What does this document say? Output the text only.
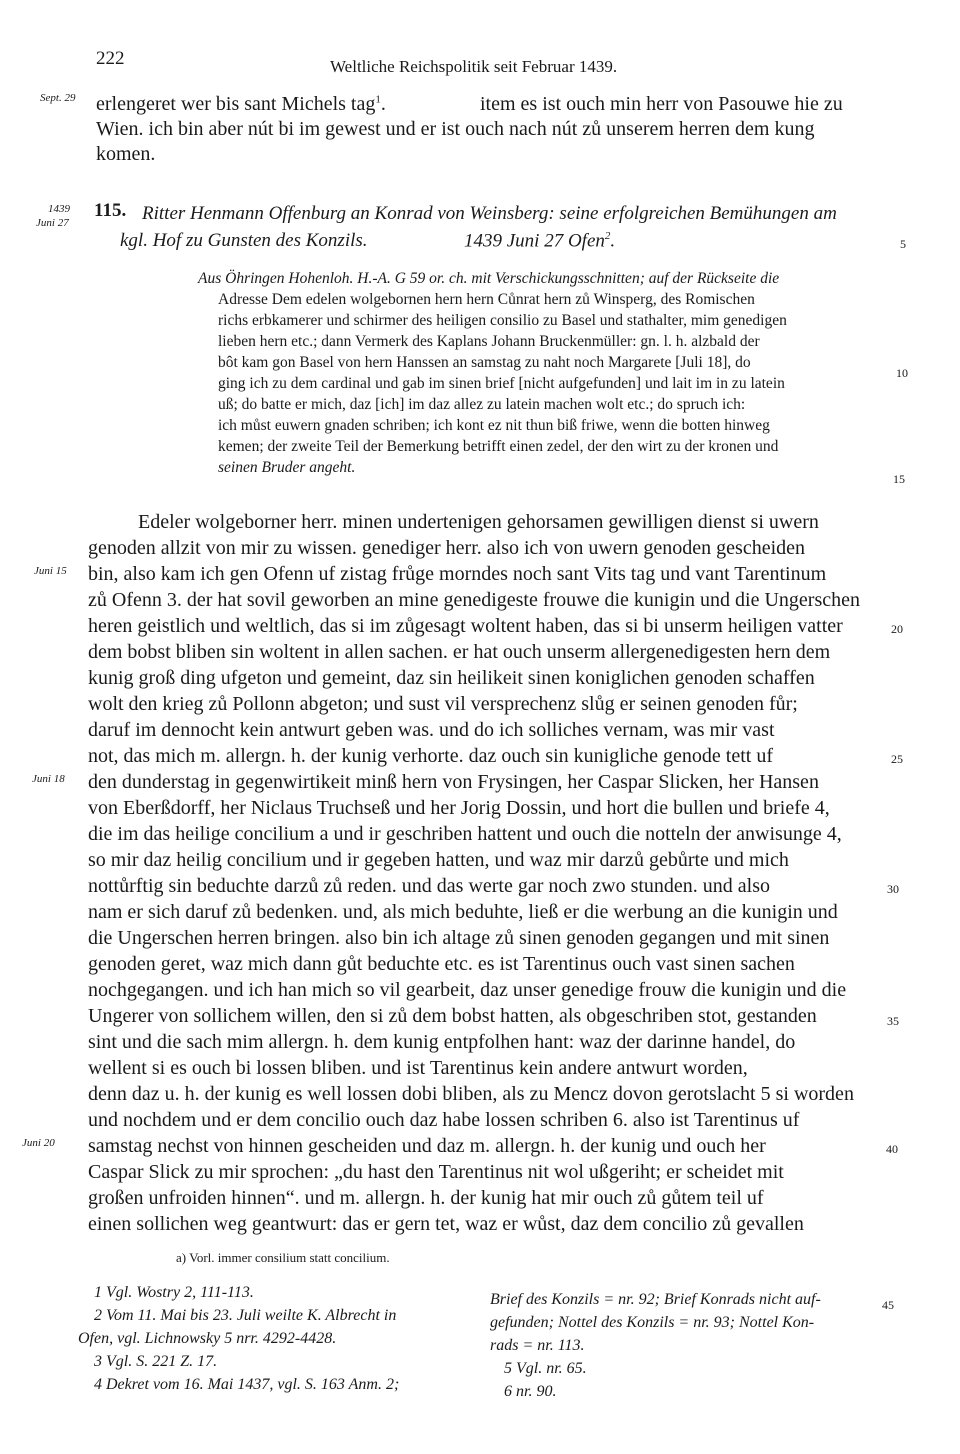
222	Weltliche Reichspolitik seit Februar 1439.
Sept. 29 erlengeret wer bis sant Michels tag$^1$.	item es ist ouch min herr von Pasouwe hie zu
Wien. ich bin aber nút bi im gewest und er ist ouch nach nút zů unserem herren dem kung
komen.
1439
Juni 27
115. Ritter Henmann Offenburg an Konrad von Weinsberg: seine erfolgreichen Bemühungen am
kgl. Hof zu Gunsten des Konzils.	1439 Juni 27 Ofen$^2$.	5
Aus Öhringen Hohenloh. H.-A. G 59 or. ch. mit Verschickungsschnitten; auf der Rückseite die
Adresse Dem edelen wolgebornen hern hern Cůnrat hern zů Winsperg, des Romischen
richs erbkamerer und schirmer des heiligen consilio zu Basel und stathalter, mim genedigen
lieben hern etc.; dann Vermerk des Kaplans Johann Bruckenmüller: gn. l. h. alzbald der
bôt kam gon Basel von hern Hanssen an samstag zu naht noch Margarete [Juli 18], do
ging ich zu dem cardinal und gab im sinen brief [nicht aufgefunden] und lait im in zu latein
10
uß; do batte er mich, daz [ich] im daz allez zu latein machen wolt etc.; do spruch ich:
ich můst euwern gnaden schriben; ich kont ez nit thun biß friwe, wenn die botten hinweg
kemen; der zweite Teil der Bemerkung betrifft einen zedel, der den wirt zu der kronen und
seinen Bruder angeht.
15
Edeler wolgeborner herr. minen undertenigen gehorsamen gewilligen dienst si uwern
genoden allzit von mir zu wissen. genediger herr. also ich von uwern genoden gescheiden
Juni 15 bin, also kam ich gen Ofenn uf zistag frůge morndes noch sant Vits tag und vant Tarentinum
zů Ofenn 3. der hat sovil geworben an mine genedigeste frouwe die kunigin und die Ungerschen
heren geistlich und weltlich, das si im zůgesagt woltent haben, das si bi unserm heiligen vatter	20
dem bobst bliben sin woltent in allen sachen. er hat ouch unserm allergenedigesten hern dem
kunig groß ding ufgeton und gemeint, daz sin heilikeit sinen koniglichen genoden schaffen
wolt den krieg zů Pollonn abgeton; und sust vil versprechenz slůg er seinen genoden fůr;
daruf im dennocht kein antwurt geben was. und do ich solliches vernam, was mir vast
not, das mich m. allergn. h. der kunig verhorte. daz ouch sin kunigliche genode tett uf	25
Juni 18 den dunderstag in gegenwirtikeit minß hern von Frysingen, her Caspar Slicken, her Hansen
von Eberßdorff, her Niclaus Truchseß und her Jorig Dossin, und hort die bullen und briefe 4,
die im das heilige concilium a und ir geschriben hattent und ouch die notteln der anwisunge 4,
so mir daz heilig concilium und ir gegeben hatten, und waz mir darzů gebůrte und mich
nottůrftig sin beduchte darzů zů reden. und das werte gar noch zwo stunden. und also	30
nam er sich daruf zů bedenken. und, als mich beduhte, ließ er die werbung an die kunigin und
die Ungerschen herren bringen. also bin ich altage zů sinen genoden gegangen und mit sinen
genoden geret, waz mich dann gůt beduchte etc. es ist Tarentinus ouch vast sinen sachen
nochgegangen. und ich han mich so vil gearbeit, daz unser genedige frouw die kunigin und die
Ungerer von sollichem willen, den si zů dem bobst hatten, als obgeschriben stot, gestanden
sint und die sach mim allergn. h. dem kunig entpfolhen hant: waz der darinne handel, do
35
wellent si es ouch bi lossen bliben. und ist Tarentinus kein andere antwurt worden,
denn daz u. h. der kunig es well lossen dobi bliben, als zu Mencz dovon gerotslacht 5 si worden
und nochdem und er dem concilio ouch daz habe lossen schriben 6. also ist Tarentinus uf
Juni 20 samstag nechst von hinnen gescheiden und daz m. allergn. h. der kunig und ouch her	40
Caspar Slick zu mir sprochen: „du hast den Tarentinus nit wol ußgeriht; er scheidet mit
großen unfroiden hinnen“. und m. allergn. h. der kunig hat mir ouch zů gůtem teil uf
einen sollichen weg geantwurt: das er gern tet, waz er wůst, daz dem concilio zů gevallen
a) Vorl. immer consilium statt concilium.
1 Vgl. Wostry 2, 111-113.
2 Vom 11. Mai bis 23. Juli weilte K. Albrecht in
Ofen, vgl. Lichnowsky 5 nrr. 4292-4428.
3 Vgl. S. 221 Z. 17.
4 Dekret vom 16. Mai 1437, vgl. S. 163 Anm. 2;
Brief des Konzils = nr. 92; Brief Konrads nicht auf-	45
gefunden; Nottel des Konzils = nr. 93; Nottel Kon-
rads = nr. 113.
5 Vgl. nr. 65.
6 nr. 90.
